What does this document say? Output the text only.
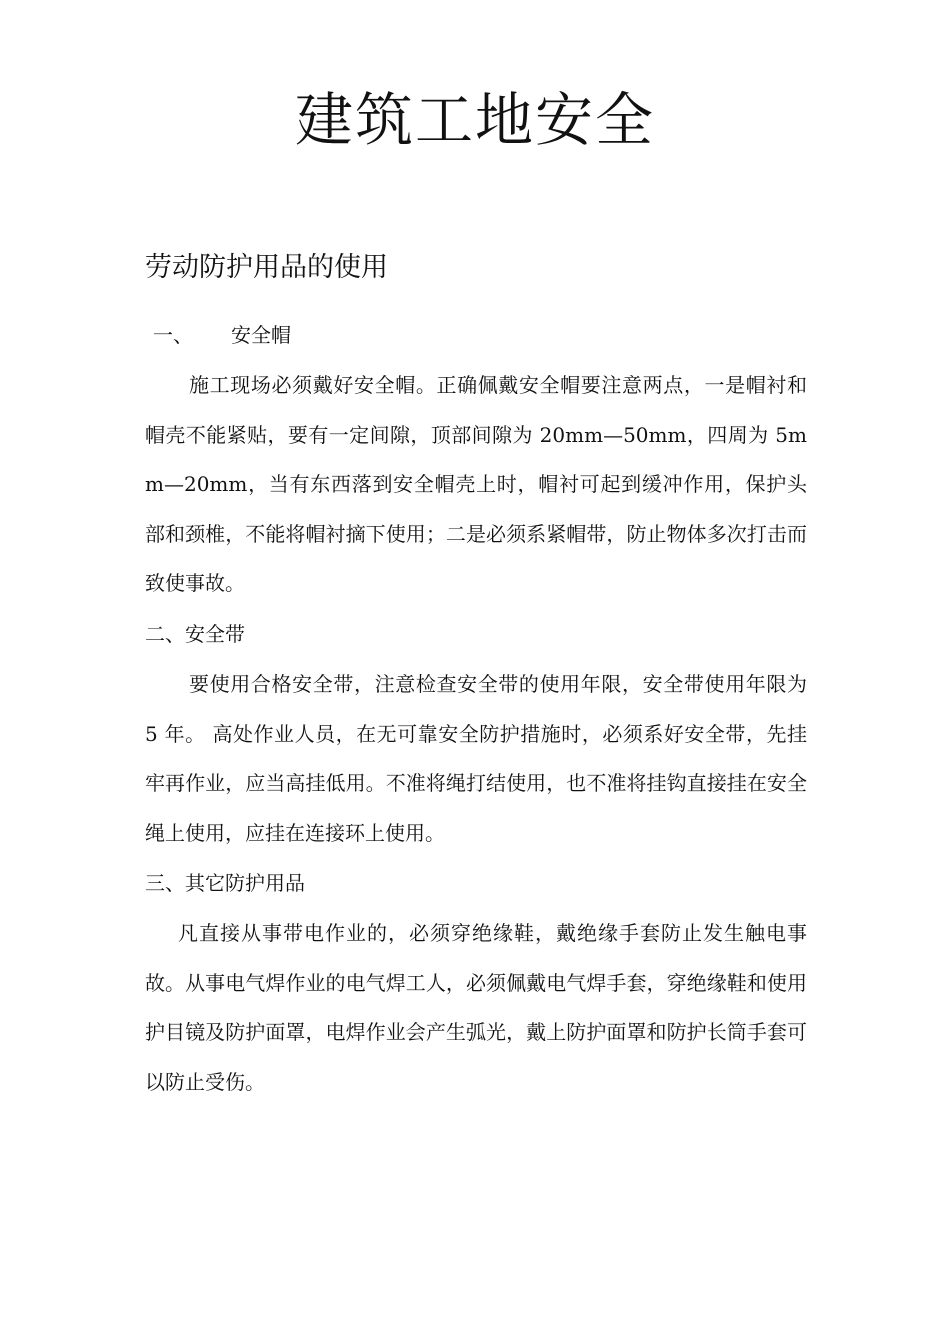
建筑工地安全
劳动防护用品的使用
一、 安全帽

施工现场必须戴好安全帽。正确佩戴安全帽要注意两点，一是帽衬和帽壳不能紧贴，要有一定间隙，顶部间隙为 20mm—50mm，四周为 5mm—20mm，当有东西落到安全帽壳上时，帽衬可起到缓冲作用，保护头部和颈椎，不能将帽衬摘下使用；二是必须系紧帽带，防止物体多次打击而致使事故。

二、安全带

要使用合格安全带，注意检查安全带的使用年限，安全带使用年限为 5 年。 高处作业人员，在无可靠安全防护措施时，必须系好安全带，先挂牢再作业，应当高挂低用。不准将绳打结使用，也不准将挂钩直接挂在安全绳上使用，应挂在连接环上使用。

三、其它防护用品

凡直接从事带电作业的，必须穿绝缘鞋，戴绝缘手套防止发生触电事故。从事电气焊作业的电气焊工人，必须佩戴电气焊手套，穿绝缘鞋和使用护目镜及防护面罩，电焊作业会产生弧光，戴上防护面罩和防护长筒手套可以防止受伤。
